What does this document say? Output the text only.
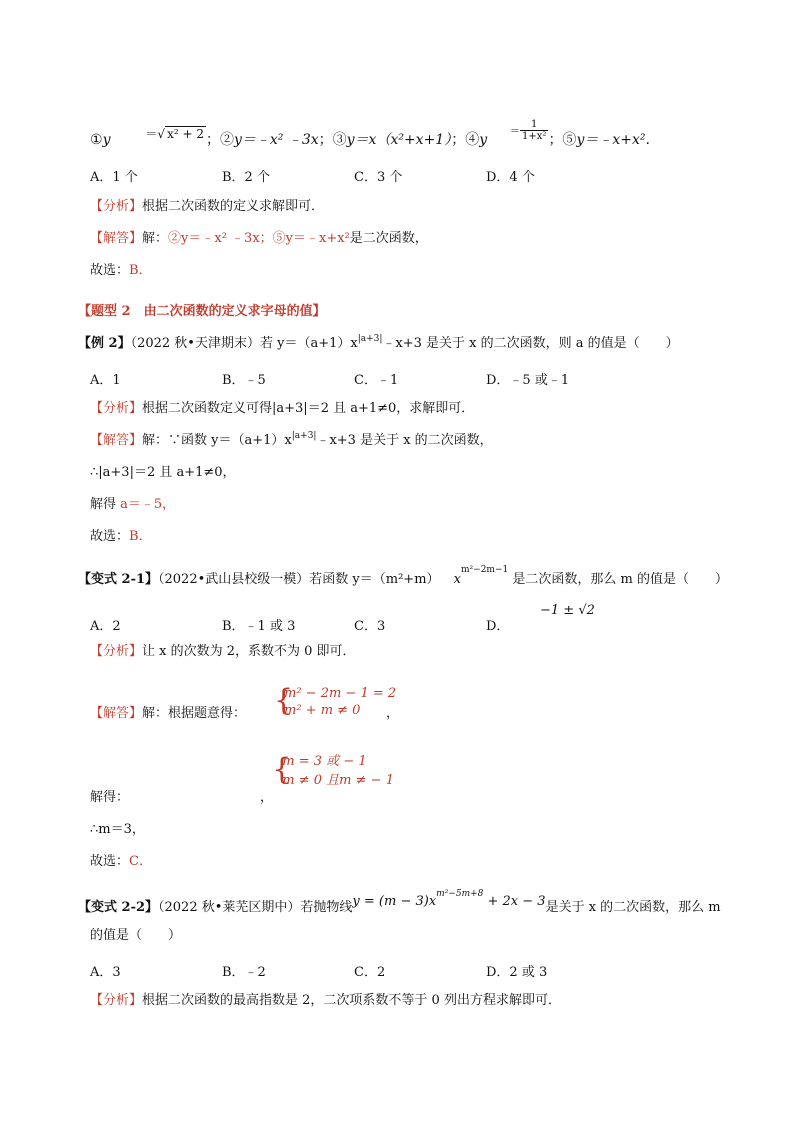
①y	＝√ x² + 2 ；②y＝﹣x² ﹣3x；③y＝x（x²+x+1）；④y  ＝ $\frac{1}{\text{1+x²}}$ ；⑤y＝﹣x+x².
A．1 个	B．2 个	C．3 个	D．4 个
【分析】根据二次函数的定义求解即可．
【解答】解：②y＝﹣x² ﹣3x；⑤y＝﹣x+x²是二次函数，
故选：B．
【题型 2　由二次函数的定义求字母的值】
【例 2】（2022 秋•天津期末）若 $y=(a+1)x^{|a+3|}﹣x+3$ 是关于 x 的二次函数，则 a 的值是（　　）
A．1	B．﹣5	C．﹣1	D．﹣5 或﹣1
【分析】根据二次函数定义可得|a+3|＝2 且 a+1≠0，求解即可．
【解答】解：∵函数 $y=(a+1)x^{|a+3|}﹣x+3$ 是关于 x 的二次函数，
∴|a+3|＝2 且 a+1≠0，
解得 a＝﹣5，
故选：B．
【变式 2-1】（2022•武山县校级一模）若函数 y＝（m²+m） $x^{m^2-2m-1}$ 是二次函数，那么 m 的值是（　　）
A．2	B．﹣1 或 3	C．3	D．
−1 ± √2
【分析】让 x 的次数为 2，系数不为 0 即可．
【解答】解：根据题意得： {
m² − 2m − 1 = 2
m² + m ≠ 0
	，
{
m = 3 或 − 1
m ≠ 0 且m ≠ − 1
解得：	，
∴m＝3，
故选：C．
【变式 2-2】（2022 秋•莱芜区期中）若抛物线$y = (m - 3)x^{m^2-5m+8} + 2x - 3$是关于 x 的二次函数，那么 m
的值是（　　）
A．3	B．﹣2	C．2	D．2 或 3
【分析】根据二次函数的最高指数是 2，二次项系数不等于 0 列出方程求解即可．
